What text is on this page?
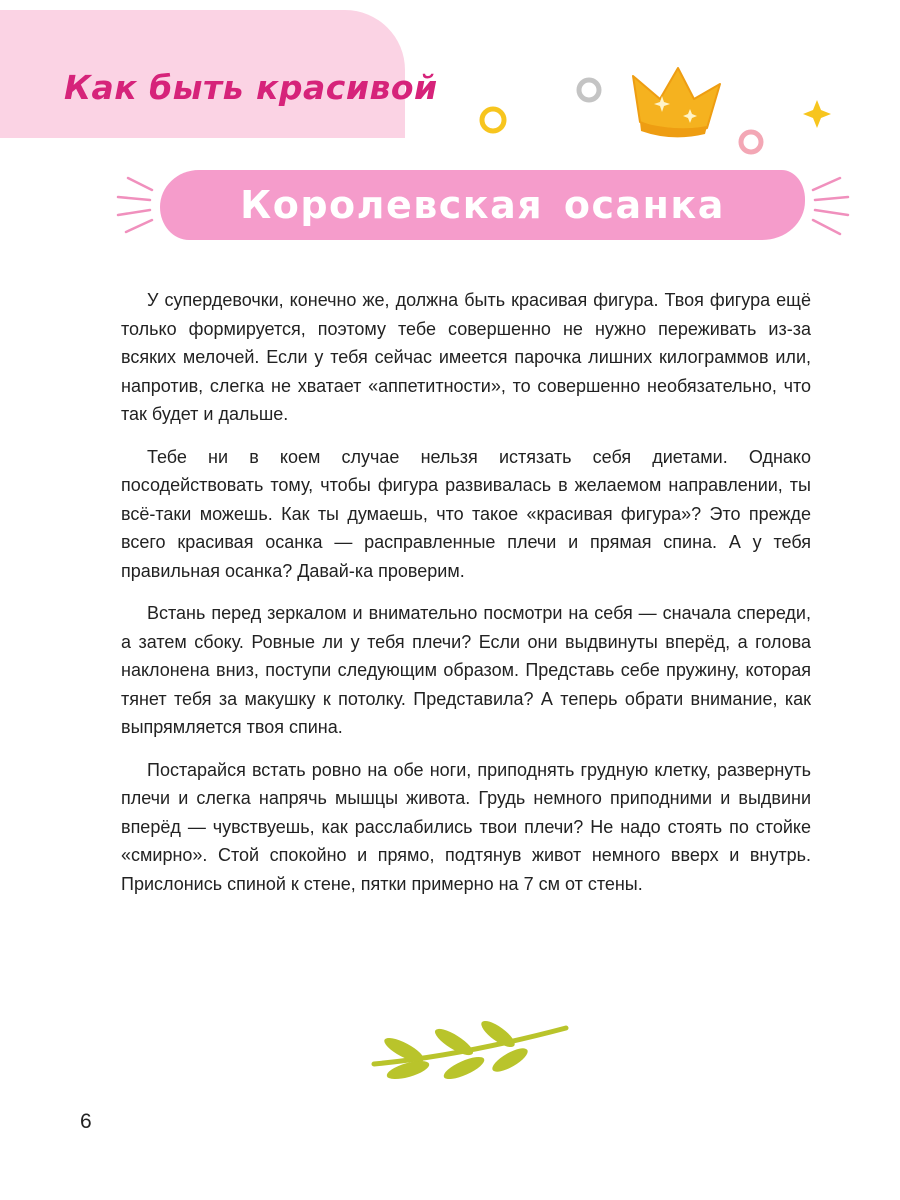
Как быть красивой
Королевская осанка

У супердевочки, конечно же, должна быть красивая фигура. Твоя фигура ещё только формируется, поэтому тебе совершенно не нужно переживать из-за всяких мелочей. Если у тебя сейчас имеется парочка лишних килограммов или, напротив, слегка не хватает «аппетитности», то совершенно необязательно, что так будет и дальше.

Тебе ни в коем случае нельзя истязать себя диетами. Однако посодействовать тому, чтобы фигура развивалась в желаемом направлении, ты всё-таки можешь. Как ты думаешь, что такое «красивая фигура»? Это прежде всего красивая осанка — расправленные плечи и прямая спина. А у тебя правильная осанка? Давай-ка проверим.

Встань перед зеркалом и внимательно посмотри на себя — сначала спереди, а затем сбоку. Ровные ли у тебя плечи? Если они выдвинуты вперёд, а голова наклонена вниз, поступи следующим образом. Представь себе пружину, которая тянет тебя за макушку к потолку. Представила? А теперь обрати внимание, как выпрямляется твоя спина.

Постарайся встать ровно на обе ноги, приподнять грудную клетку, развернуть плечи и слегка напрячь мышцы живота. Грудь немного приподними и выдвини вперёд — чувствуешь, как расслабились твои плечи? Не надо стоять по стойке «смирно». Стой спокойно и прямо, подтянув живот немного вверх и внутрь. Прислонись спиной к стене, пятки примерно на 7 см от стены.

6
